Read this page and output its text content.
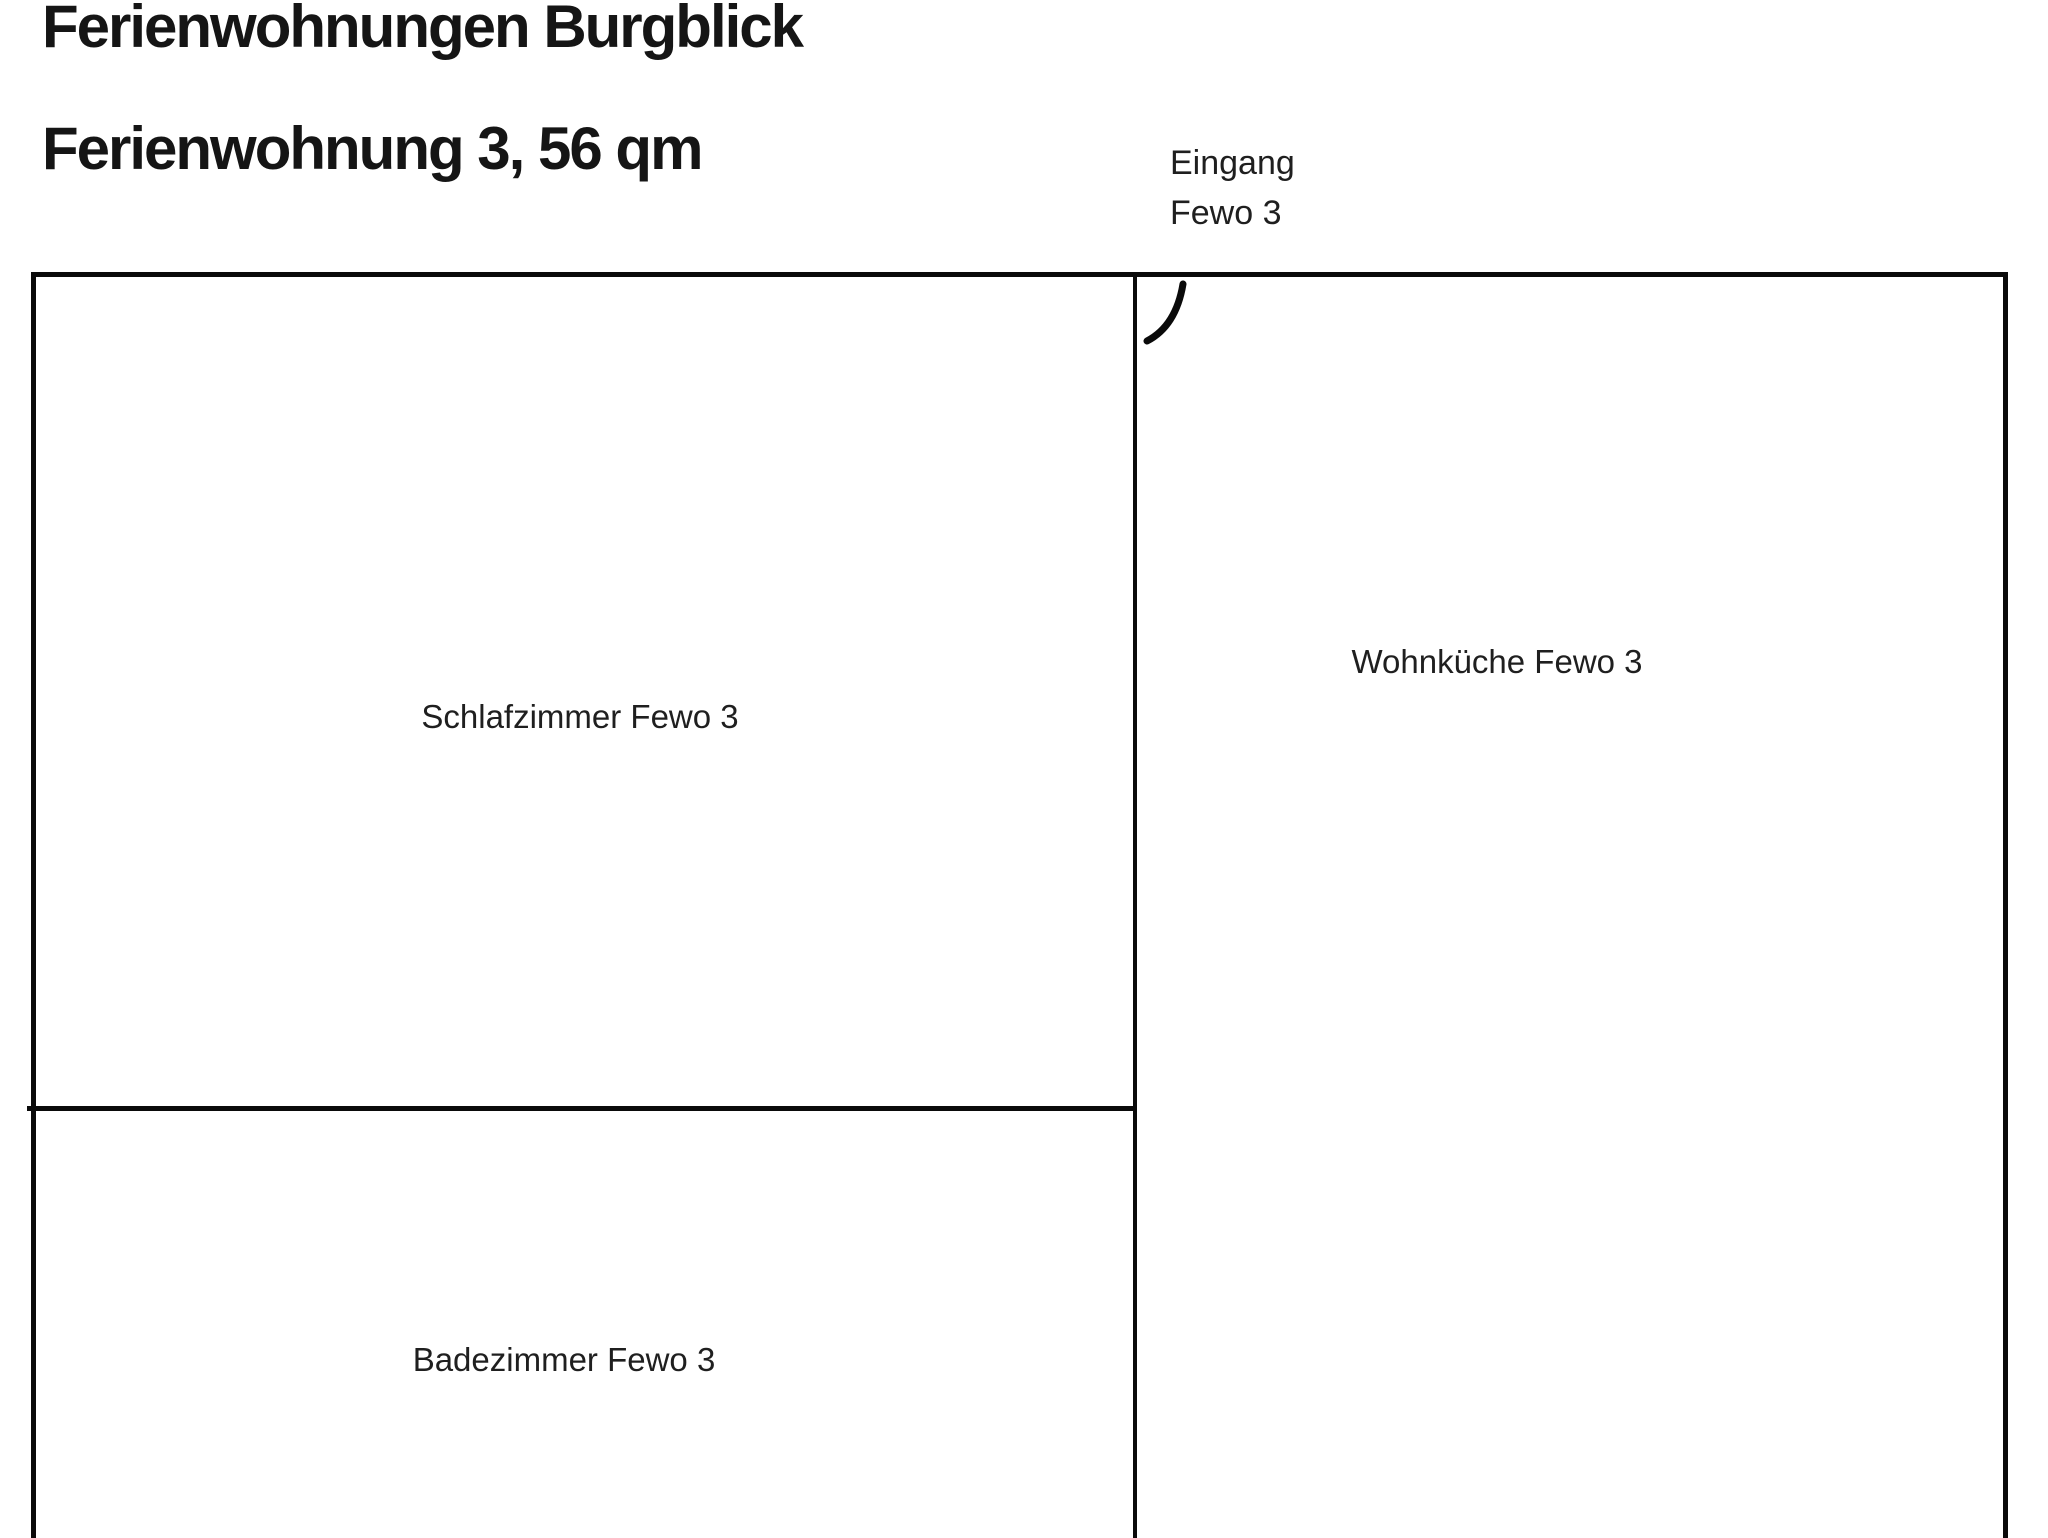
Ferienwohnungen Burgblick
Ferienwohnung 3, 56 qm	Eingang
Fewo 3
Schlafzimmer Fewo 3
Wohnküche Fewo 3
Badezimmer Fewo 3
